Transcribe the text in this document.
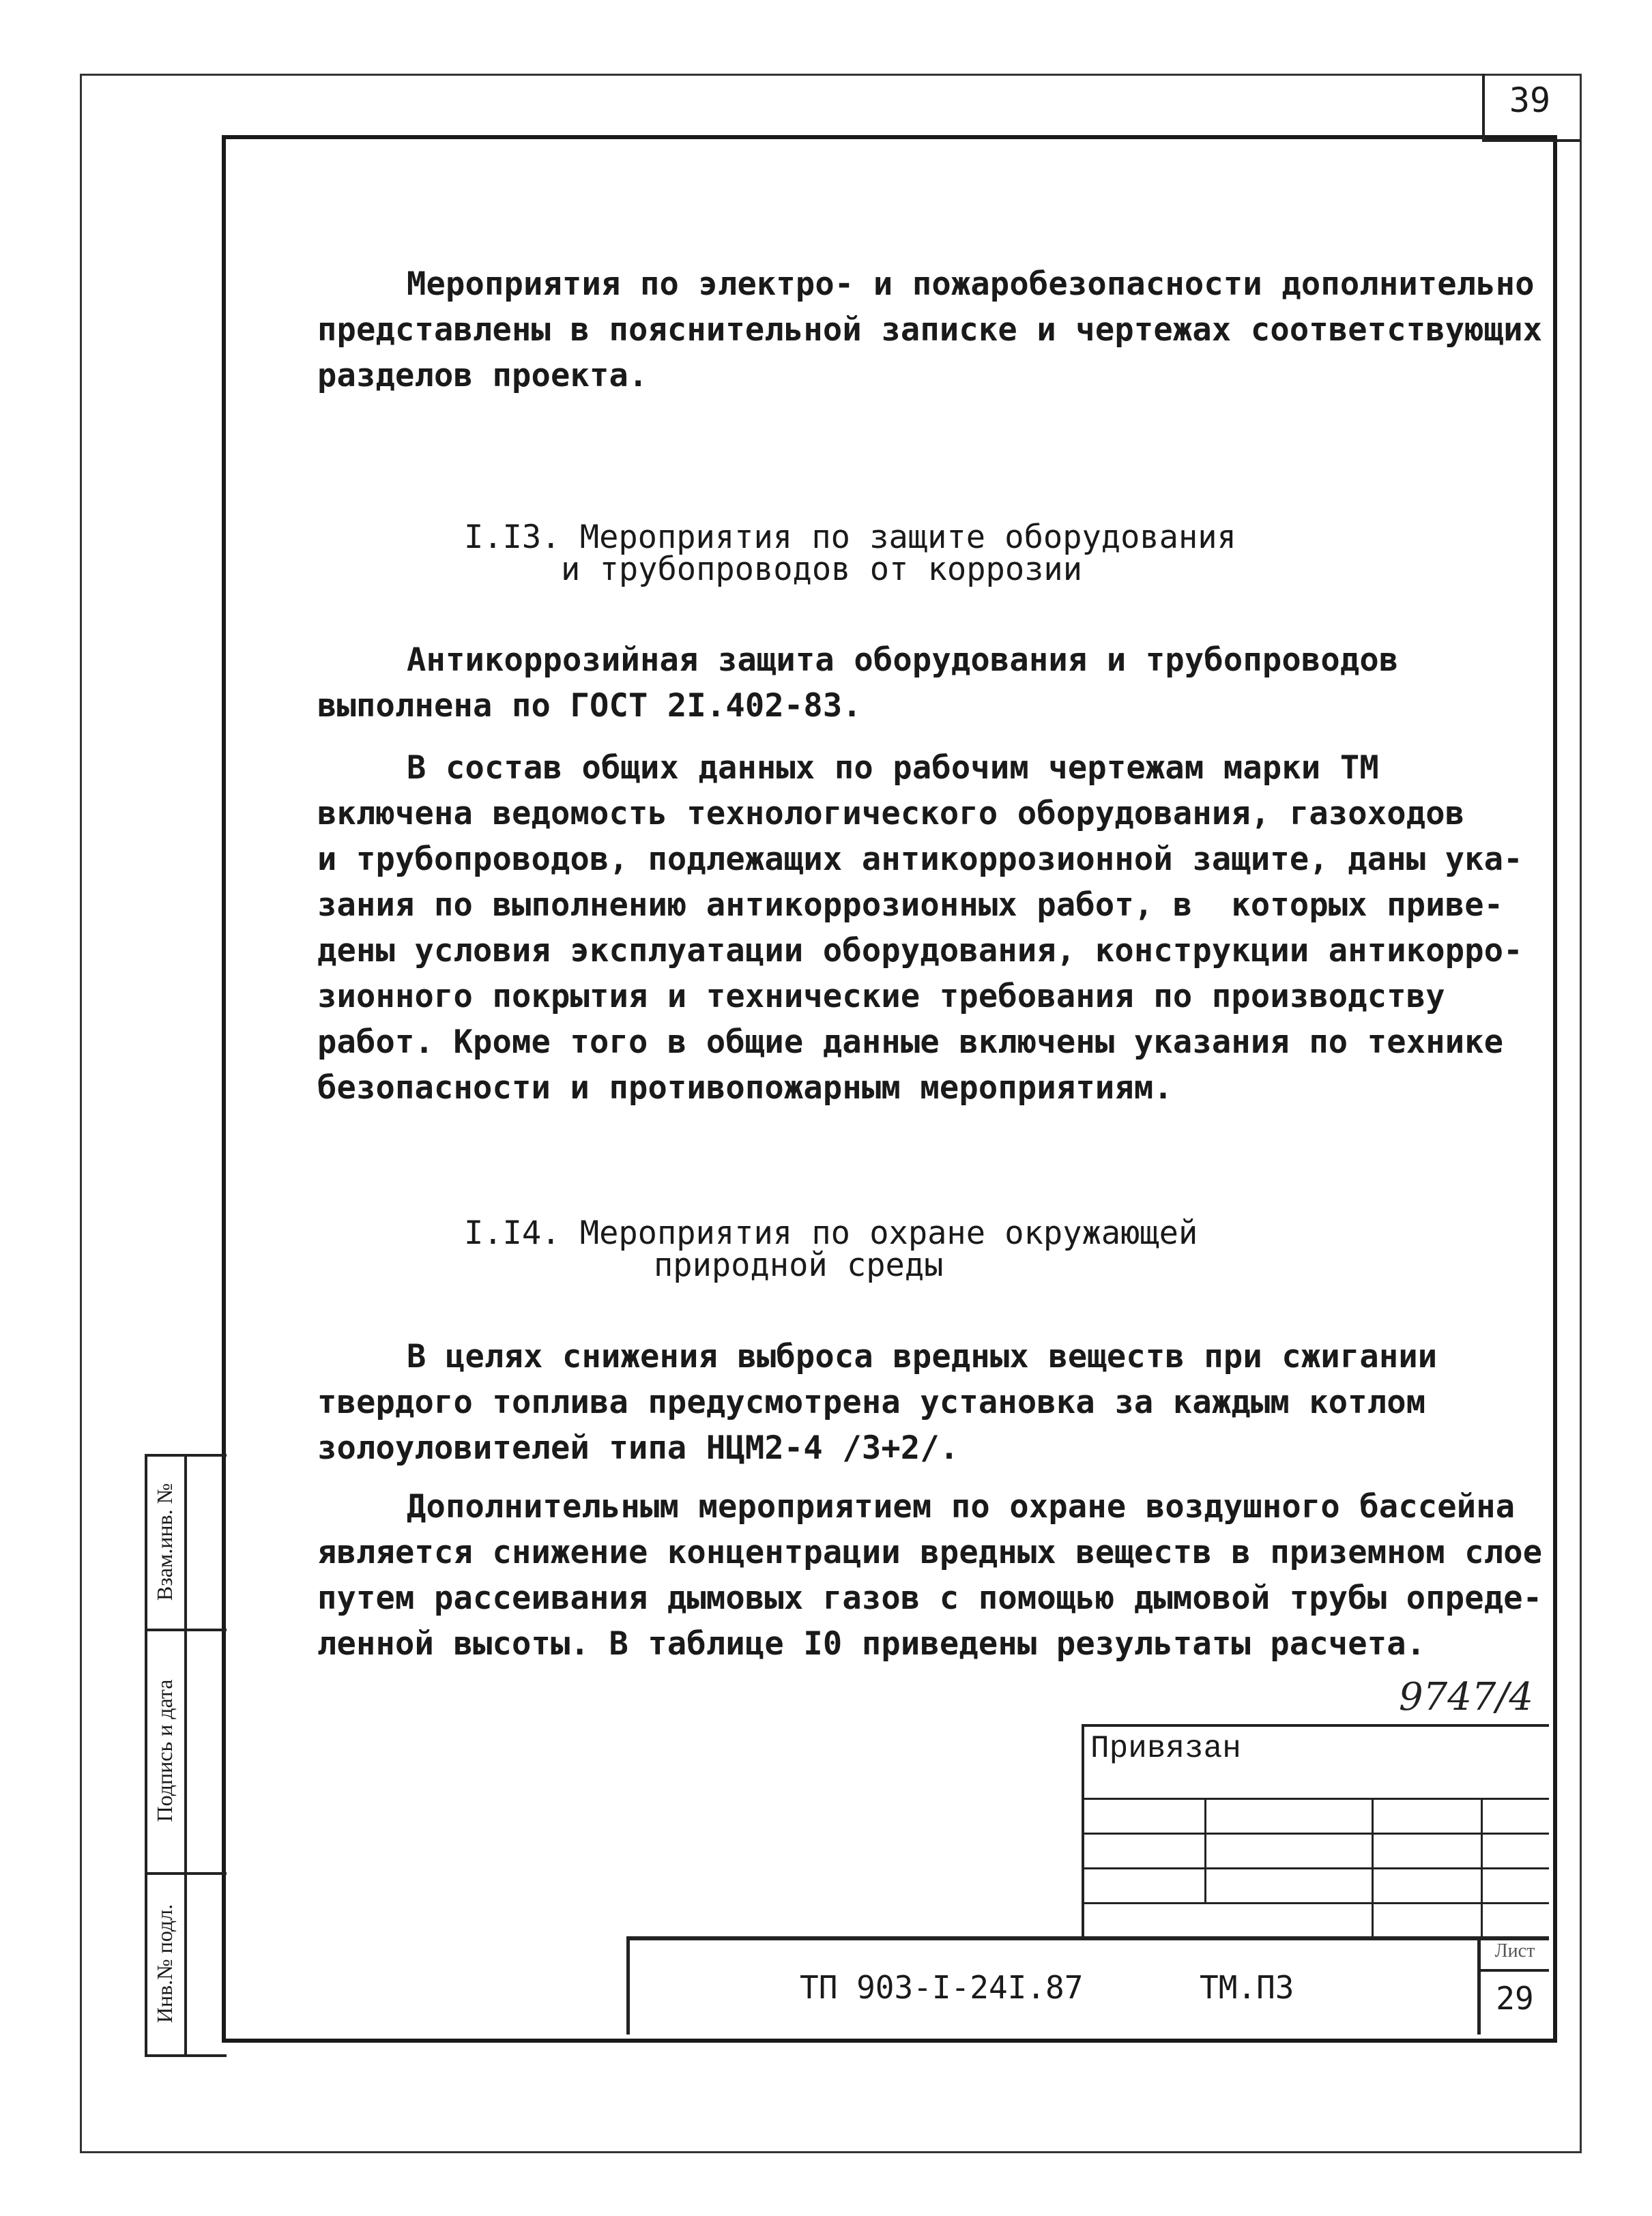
39
Мероприятия по электро- и пожаробезопасности дополнительно
представлены в пояснительной записке и чертежах соответствующих
разделов проекта.
I.I3. Мероприятия по защите оборудования
и трубопроводов от коррозии
Антикоррозийная защита оборудования и трубопроводов
выполнена по ГОСТ 2I.402-83.
В состав общих данных по рабочим чертежам марки ТМ
включена ведомость технологического оборудования, газоходов
и трубопроводов, подлежащих антикоррозионной защите, даны ука-
зания по выполнению антикоррозионных работ, в  которых приве-
дены условия эксплуатации оборудования, конструкции антикорро-
зионного покрытия и технические требования по производству
работ. Кроме того в общие данные включены указания по технике
безопасности и противопожарным мероприятиям.
I.I4. Мероприятия по охране окружающей
природной среды
В целях снижения выброса вредных веществ при сжигании
твердого топлива предусмотрена установка за каждым котлом
золоуловителей типа НЦМ2-4 /3+2/.
Дополнительным мероприятием по охране воздушного бассейна
является снижение концентрации вредных веществ в приземном слое
путем рассеивания дымовых газов с помощью дымовой трубы опреде-
ленной высоты. В таблице I0 приведены результаты расчета.
Взам.инв. №
Подпись и дата
Инв.№ подл.
9747/4
Привязан
ТП 903-I-24I.87	ТМ.ПЗ
Лист
29
